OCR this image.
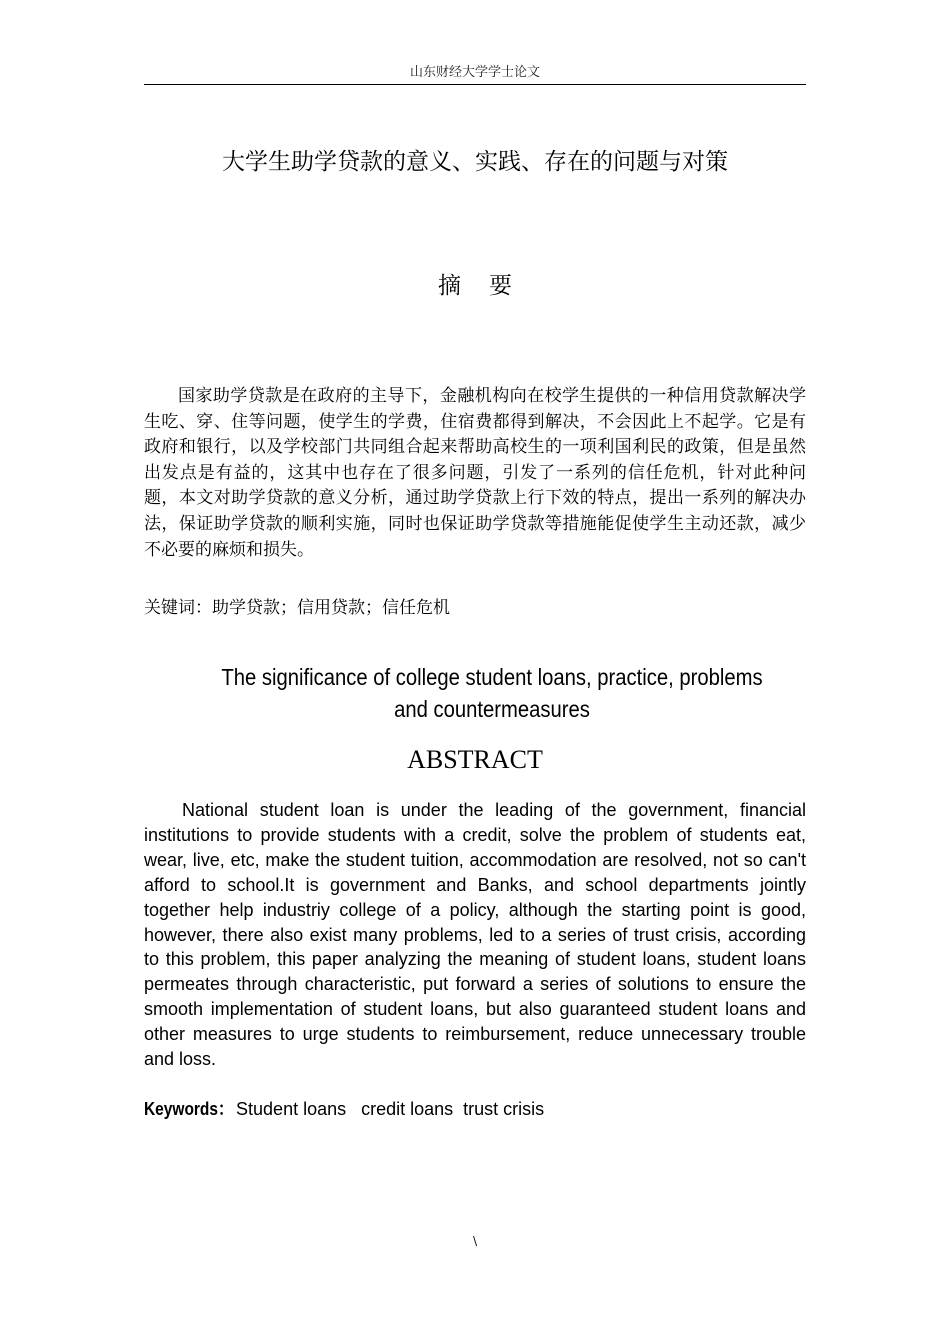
山东财经大学学士论文
大学生助学贷款的意义、实践、存在的问题与对策
摘要

国家助学贷款是在政府的主导下，金融机构向在校学生提供的一种信用贷款解决学生吃、穿、住等问题，使学生的学费，住宿费都得到解决，不会因此上不起学。它是有政府和银行，以及学校部门共同组合起来帮助高校生的一项利国利民的政策，但是虽然出发点是有益的，这其中也存在了很多问题，引发了一系列的信任危机，针对此种问题，本文对助学贷款的意义分析，通过助学贷款上行下效的特点，提出一系列的解决办法，保证助学贷款的顺利实施，同时也保证助学贷款等措施能促使学生主动还款，减少不必要的麻烦和损失。

关键词：助学贷款；信用贷款；信任危机
The significance of college student loans, practice, problems and countermeasures
ABSTRACT

National student loan is under the leading of the government, financial institutions to provide students with a credit, solve the problem of students eat, wear, live, etc, make the student tuition, accommodation are resolved, not so can't afford to school.It is government and Banks, and school departments jointly together help industriy college of a policy, although the starting point is good, however, there also exist many problems, led to a series of trust crisis, according to this problem, this paper analyzing the meaning of student loans, student loans permeates through characteristic, put forward a series of solutions to ensure the smooth implementation of student loans, but also guaranteed student loans and other measures to urge students to reimbursement, reduce unnecessary trouble and loss.

Keywords： Student loans   credit loans  trust crisis
\
